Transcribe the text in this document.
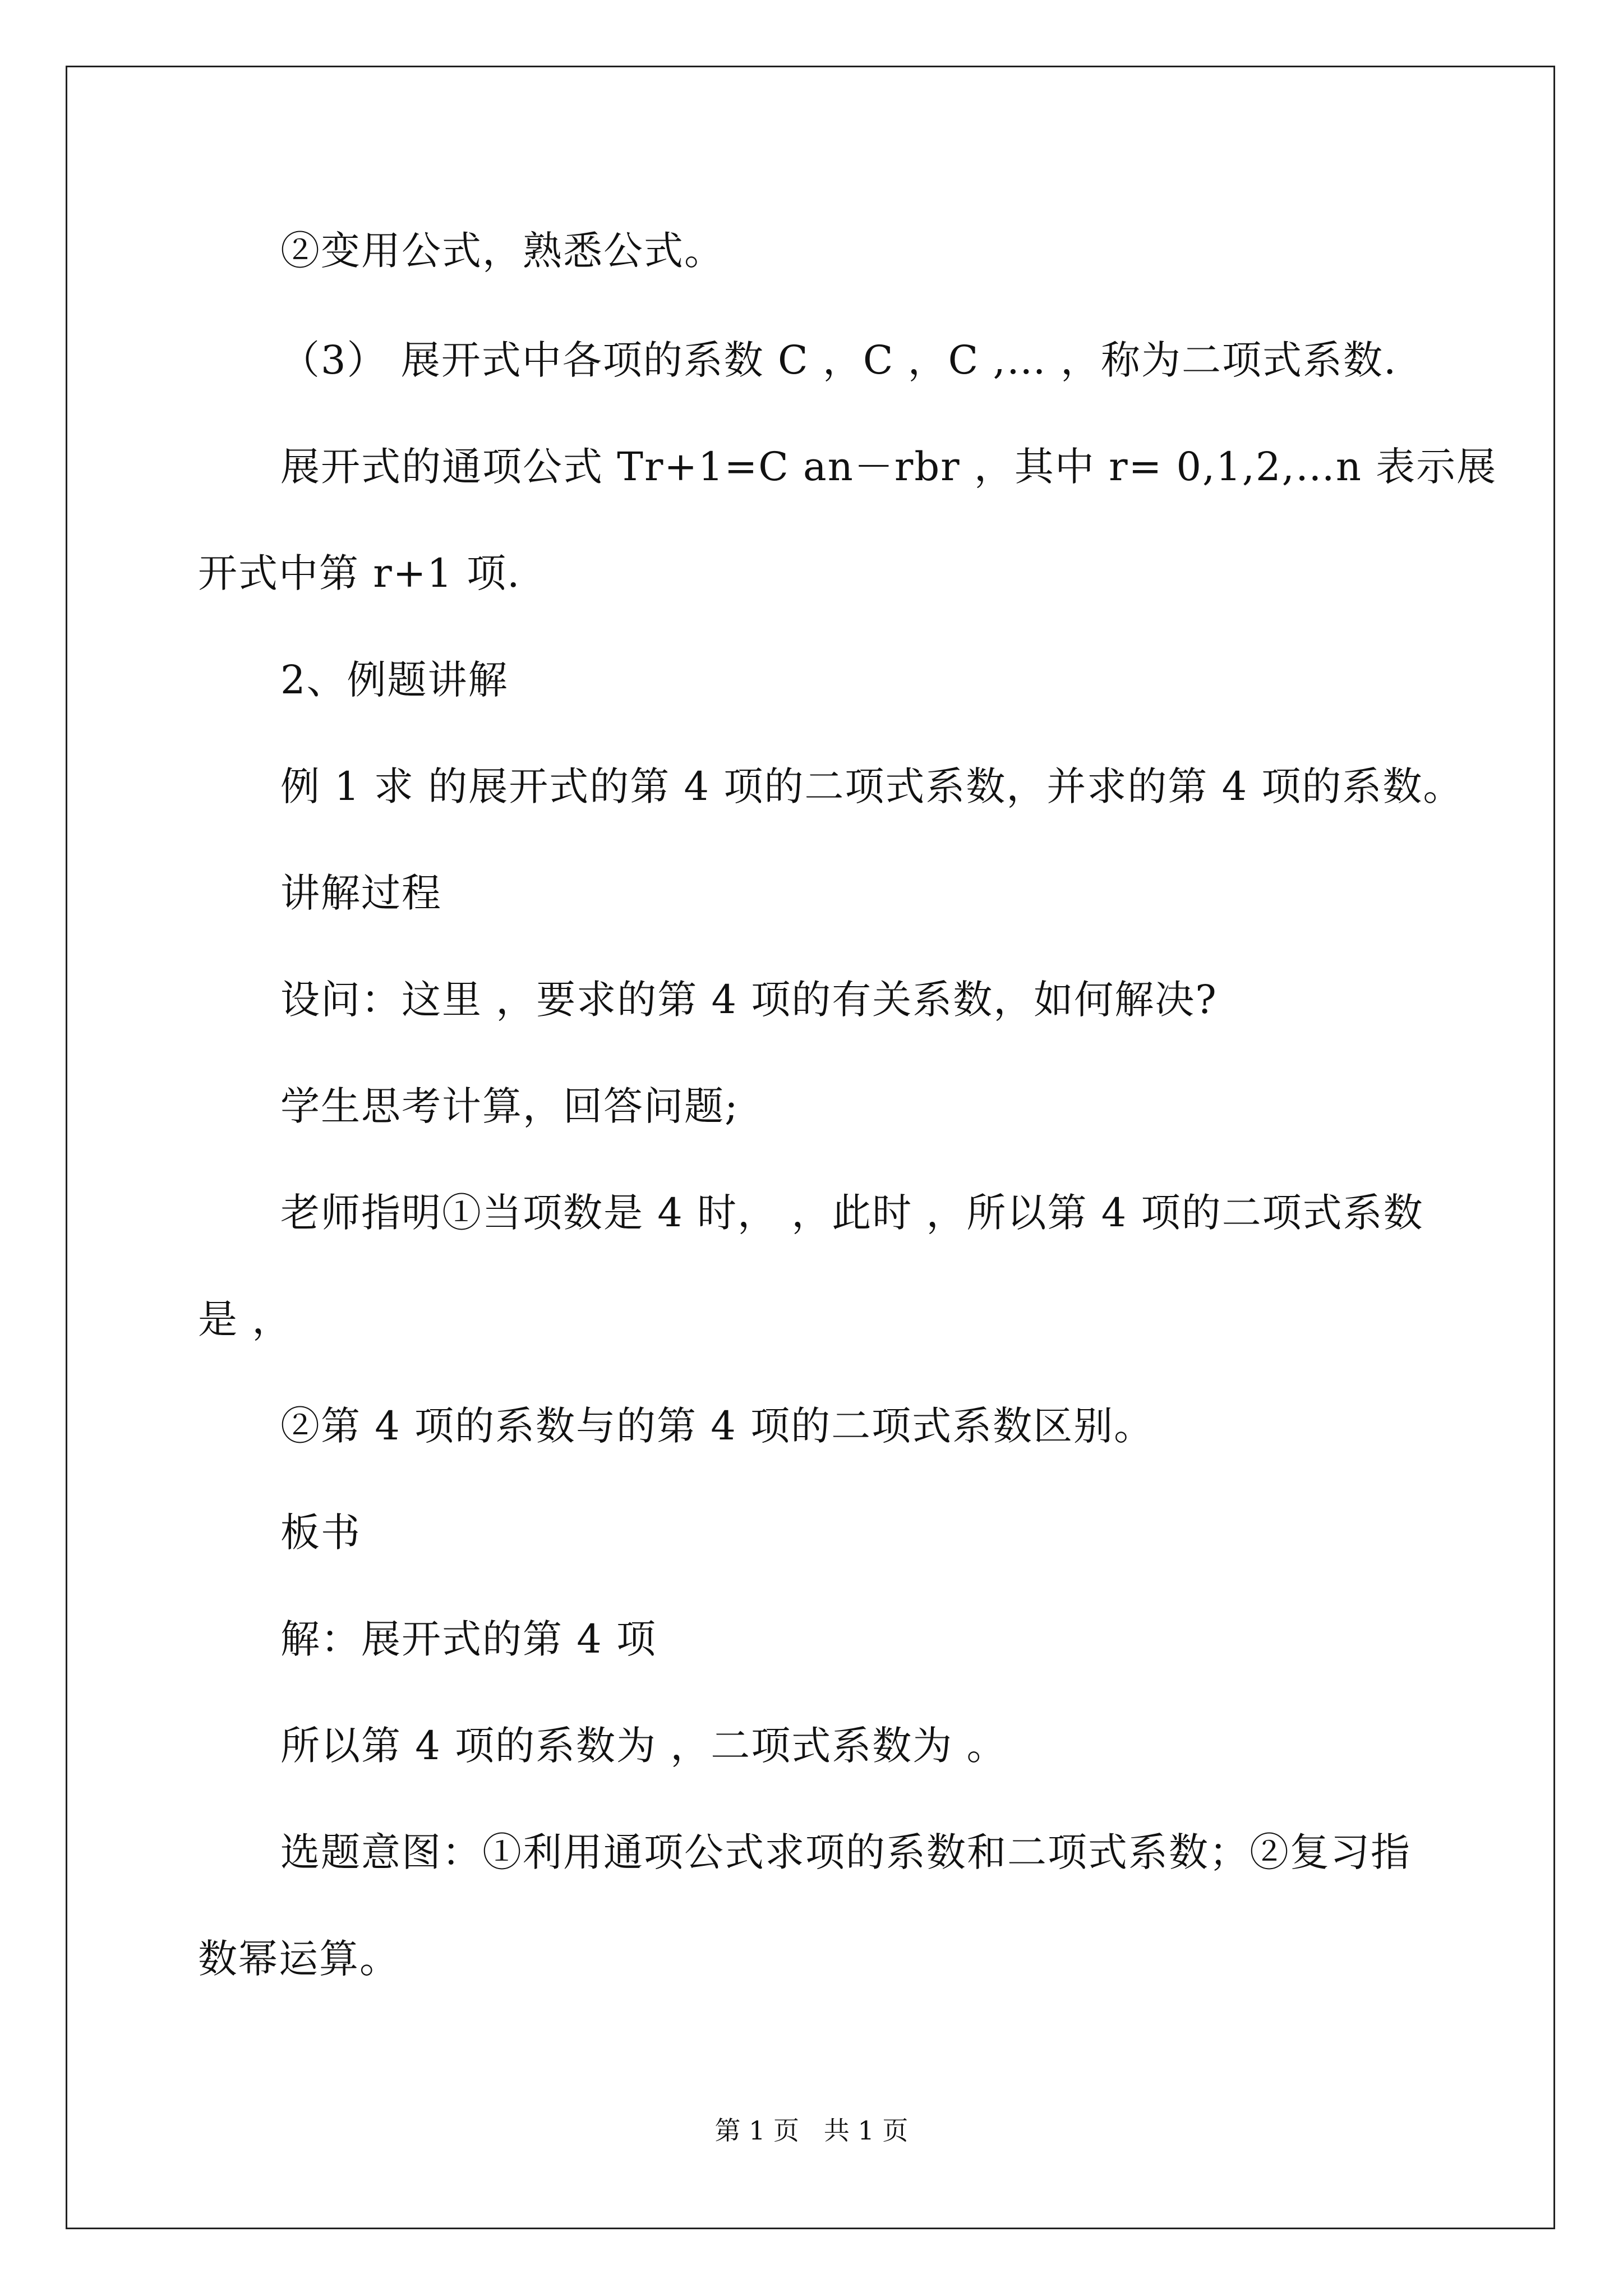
②变用公式，熟悉公式。
（3） 展开式中各项的系数 C ，C ，C ,… ，称为二项式系数.
展开式的通项公式 Tr+1=C an－rbr ，其中 r= 0,1,2,…n 表示展
开式中第 r+1 项.
2、例题讲解
例 1 求 的展开式的第 4 项的二项式系数，并求的第 4 项的系数。
讲解过程
设问：这里 ，要求的第 4 项的有关系数，如何解决?
学生思考计算，回答问题;
老师指明①当项数是 4 时， ，此时 ，所以第 4 项的二项式系数
是 ，
②第 4 项的系数与的第 4 项的二项式系数区别。
板书
解：展开式的第 4 项
所以第 4 项的系数为 ，二项式系数为 。
选题意图：①利用通项公式求项的系数和二项式系数；②复习指
数幂运算。
第 1 页   共 1 页
